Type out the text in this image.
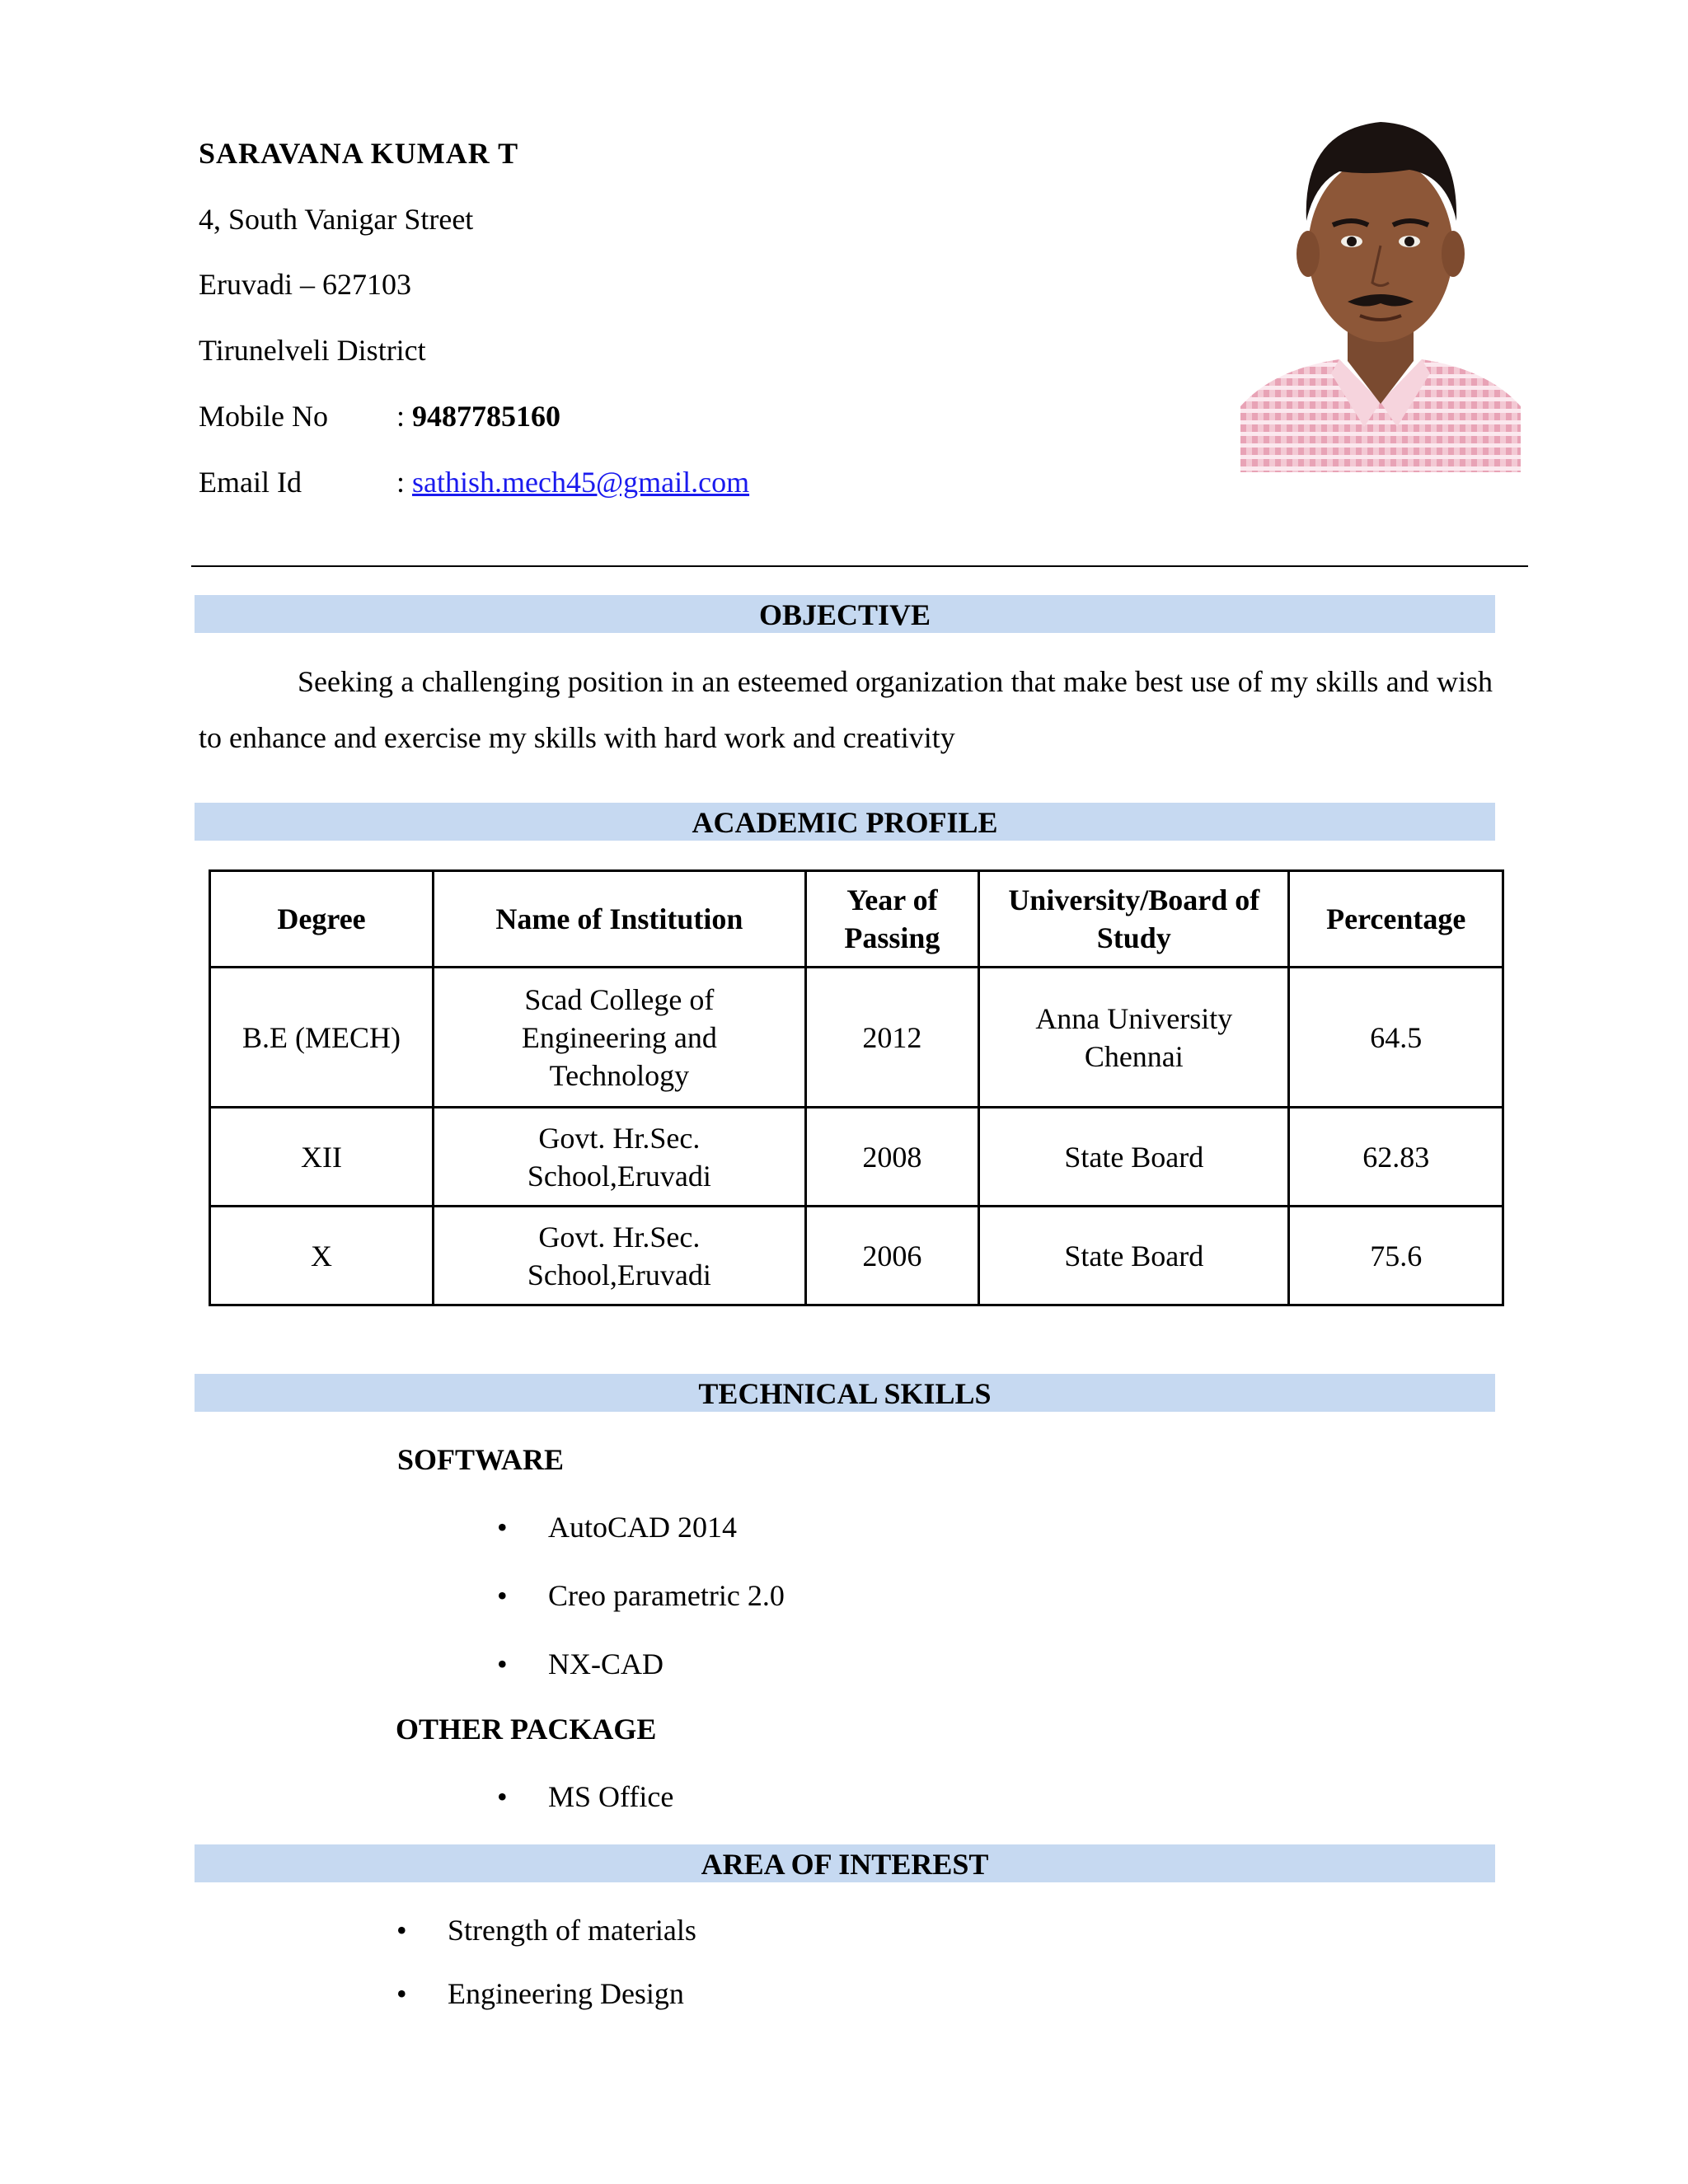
SARAVANA KUMAR T
4, South Vanigar Street
Eruvadi – 627103
Tirunelveli District
Mobile No : 9487785160
Email Id	: sathish.mech45@gmail.com
OBJECTIVE
Seeking a challenging position in an esteemed organization that make best use of my skills and wish to enhance and exercise my skills with hard work and creativity
ACADEMIC PROFILE
Degree	Name of Institution	Year of Passing	University/Board of Study	Percentage
B.E (MECH)	Scad College of Engineering and Technology	2012	Anna University Chennai	64.5
XII	Govt. Hr.Sec. School,Eruvadi	2008	State Board	62.83
X	Govt. Hr.Sec. School,Eruvadi	2006	State Board	75.6
TECHNICAL SKILLS
SOFTWARE
• AutoCAD 2014
• Creo parametric 2.0
• NX-CAD
OTHER PACKAGE
• MS Office
AREA OF INTEREST
• Strength of materials
• Engineering Design
